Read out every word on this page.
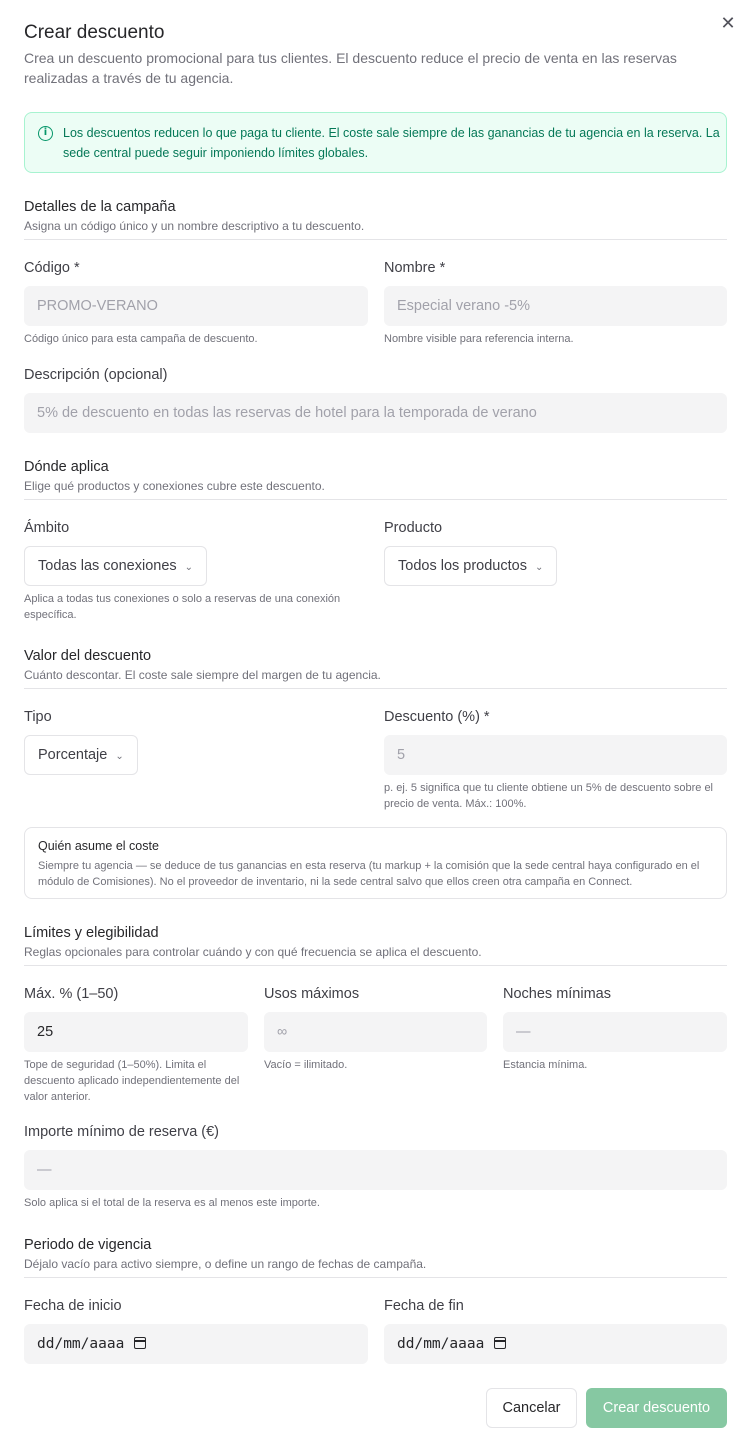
✕
Crear descuento
Crea un descuento promocional para tus clientes. El descuento reduce el precio de venta en las reservas realizadas a través de tu agencia.
i	Los descuentos reducen lo que paga tu cliente. El coste sale siempre de las ganancias de tu agencia en la reserva. La sede central puede seguir imponiendo límites globales.
Detalles de la campaña
Asigna un código único y un nombre descriptivo a tu descuento.
Código *
PROMO-VERANO
Código único para esta campaña de descuento.
Nombre *
Especial verano -5%
Nombre visible para referencia interna.
Descripción (opcional)
5% de descuento en todas las reservas de hotel para la temporada de verano
Dónde aplica
Elige qué productos y conexiones cubre este descuento.
Ámbito
Todas las conexiones ⌄
Aplica a todas tus conexiones o solo a reservas de una conexión específica.
Producto
Todos los productos ⌄
Valor del descuento
Cuánto descontar. El coste sale siempre del margen de tu agencia.
Tipo
Porcentaje ⌄
Descuento (%) *
5
p. ej. 5 significa que tu cliente obtiene un 5% de descuento sobre el precio de venta. Máx.: 100%.
Quién asume el coste
Siempre tu agencia — se deduce de tus ganancias en esta reserva (tu markup + la comisión que la sede central haya configurado en el módulo de Comisiones). No el proveedor de inventario, ni la sede central salvo que ellos creen otra campaña en Connect.
Límites y elegibilidad
Reglas opcionales para controlar cuándo y con qué frecuencia se aplica el descuento.
Máx. % (1–50)
25
Tope de seguridad (1–50%). Limita el descuento aplicado independientemente del valor anterior.
Usos máximos
∞
Vacío = ilimitado.
Noches mínimas
—
Estancia mínima.
Importe mínimo de reserva (€)
—
Solo aplica si el total de la reserva es al menos este importe.
Periodo de vigencia
Déjalo vacío para activo siempre, o define un rango de fechas de campaña.
Fecha de inicio
dd/mm/aaaa
Fecha de fin
dd/mm/aaaa
Cancelar	Crear descuento
